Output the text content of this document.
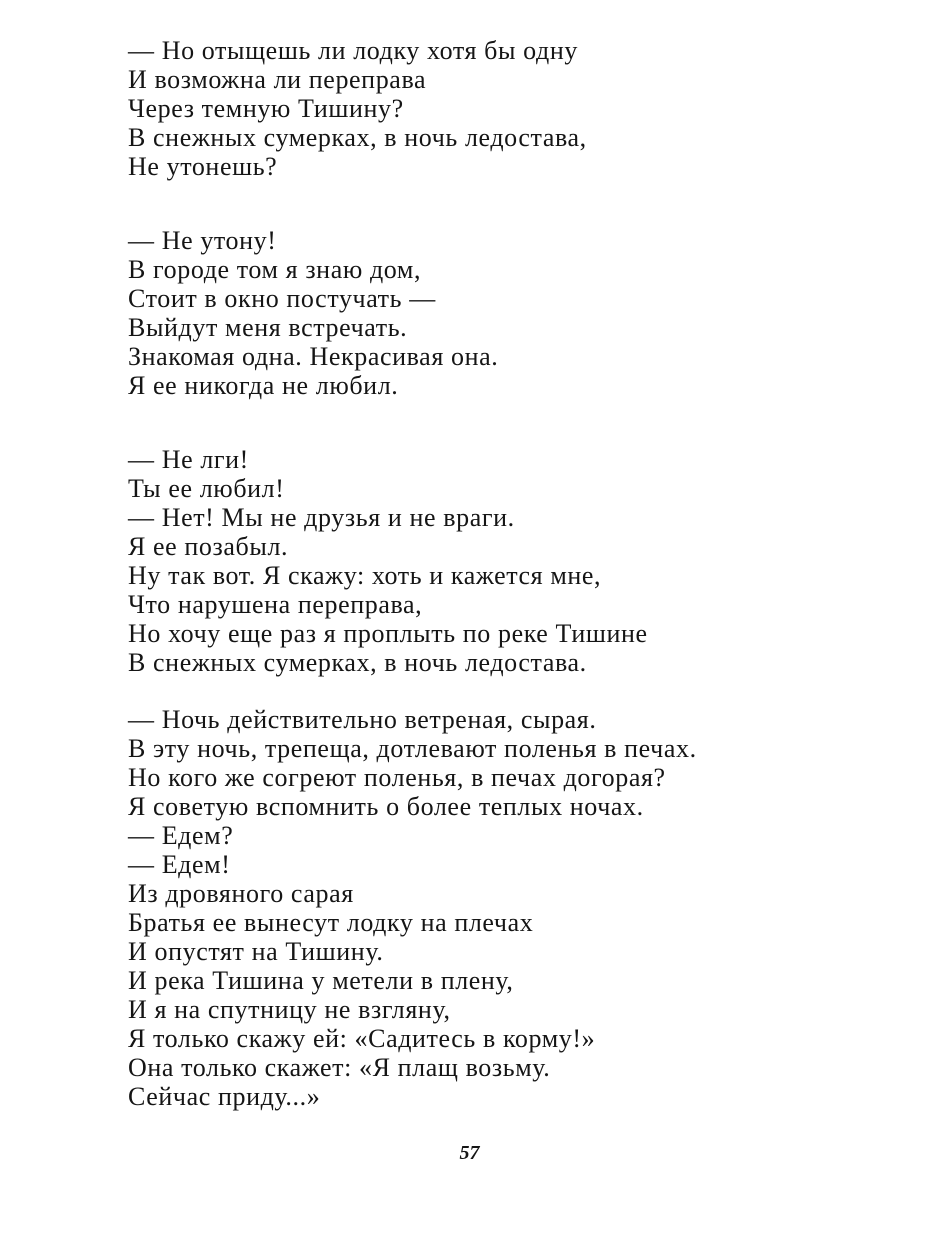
— Но отыщешь ли лодку хотя бы одну
И возможна ли переправа
Через темную Тишину?
В снежных сумерках, в ночь ледостава,
Не утонешь?
— Не утону!
В городе том я знаю дом,
Стоит в окно постучать —
Выйдут меня встречать.
Знакомая одна. Некрасивая она.
Я ее никогда не любил.
— Не лги!
Ты ее любил!
— Нет! Мы не друзья и не враги.
Я ее позабыл.
Ну так вот. Я скажу: хоть и кажется мне,
Что нарушена переправа,
Но хочу еще раз я проплыть по реке Тишине
В снежных сумерках, в ночь ледостава.
— Ночь действительно ветреная, сырая.
В эту ночь, трепеща, дотлевают поленья в печах.
Но кого же согреют поленья, в печах догорая?
Я советую вспомнить о более теплых ночах.
— Едем?
— Едем!
Из дровяного сарая
Братья ее вынесут лодку на плечах
И опустят на Тишину.
И река Тишина у метели в плену,
И я на спутницу не взгляну,
Я только скажу ей: «Садитесь в корму!»
Она только скажет: «Я плащ возьму.
Сейчас приду...»
57
